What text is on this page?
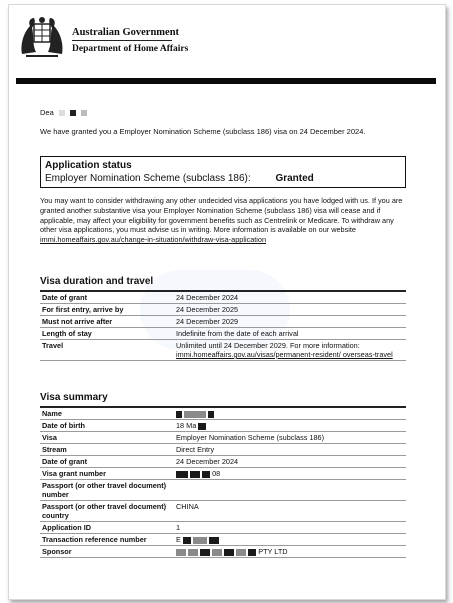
Australian Government
Department of Home Affairs
Dea
We have granted you a Employer Nomination Scheme (subclass 186) visa on 24 December 2024.
Application status
Employer Nomination Scheme (subclass 186): Granted
You may want to consider withdrawing any other undecided visa applications you have lodged with us. If you are granted another substantive visa your Employer Nomination Scheme (subclass 186) visa will cease and if applicable, may affect your eligibility for government benefits such as Centrelink or Medicare. To withdraw any other visa applications, you must advise us in writing. More information is available on our website
immi.homeaffairs.gov.au/change-in-situation/withdraw-visa-application
Visa duration and travel
Date of grant	24 December 2024
For first entry, arrive by	24 December 2025
Must not arrive after	24 December 2029
Length of stay	Indefinite from the date of each arrival
Travel	Unlimited until 24 December 2029. For more information:
immi.homeaffairs.gov.au/visas/permanent-resident/ overseas-travel
Visa summary
Name	
Date of birth	18 Ma
Visa	Employer Nomination Scheme (subclass 186)
Stream	Direct Entry
Date of grant	24 December 2024
Visa grant number	08
Passport (or other travel document) number	
Passport (or other travel document) country	CHINA
Application ID	1
Transaction reference number	E
Sponsor	PTY LTD
